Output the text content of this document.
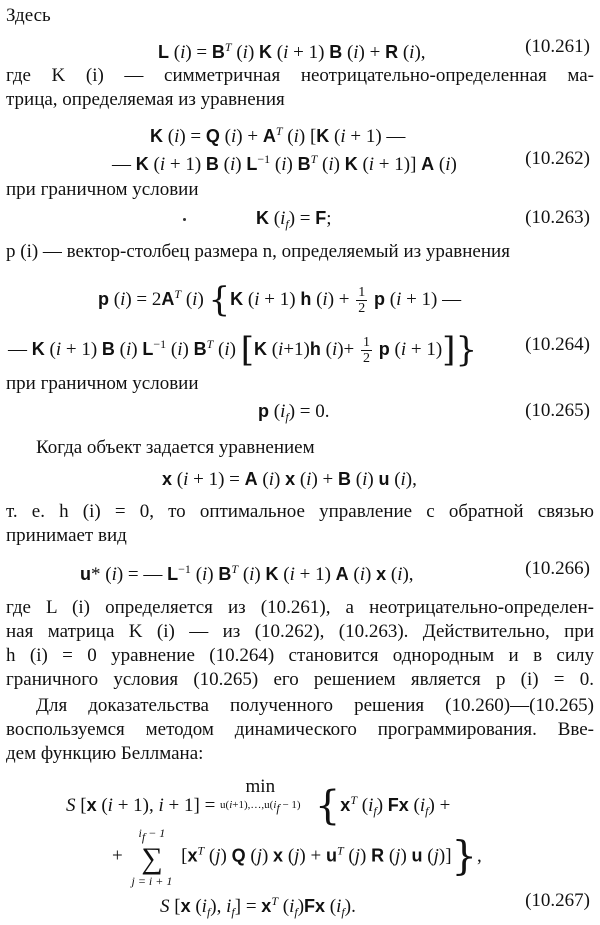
Здесь
L $(i) = B^T$ (i) K (i + 1) B (i) + R (i),	(10.261)
где K (i) — симметричная неотрицательно-определенная ма-
трица, определяемая из уравнения
K (i) = Q $(i) + A^T$ (i) [K (i + 1) —
— K (i + 1) B (i) $L^{-1}$ (i) $B^T$ (i) K (i + 1)] A (i)	(10.262)
при граничном условии
K $(i_f) = F$;	(10.263)
p (i) — вектор-столбец размера n, определяемый из уравнения
p $(i) = 2A^T$ (i) {K (i + 1) h $(i) + \frac{1}{2}$ p (i + 1) —
— K (i + 1) B (i) $L^{-1}$ (i) $B^T$ (i) [K (i+1)h $(i)+ \frac{1}{2}$ p (i + 1)]}	(10.264)
при граничном условии
p $(i_f) = 0$.	(10.265)
Когда объект задается уравнением
x (i + 1) = A (i) x (i) + B (i) u (i),
т. е. h (i) = 0, то оптимальное управление с обратной связью
принимает вид
u* (i) = — $L^{-1}$ (i) $B^T$ (i) K (i + 1) A (i) x (i),	(10.266)
где L (i) определяется из (10.261), а неотрицательно-определен-
ная матрица K (i) — из (10.262), (10.263). Действительно, при
h (i) = 0 уравнение (10.264) становится однородным и в силу
граничного условия (10.265) его решением является p (i) = 0.
Для доказательства полученного решения (10.260)—(10.265)
воспользуемся методом динамического программирования. Вве-
дем функцию Беллмана:
S [x (i + 1), i + 1] = min
$u(i+1),\dots,u(i_f - 1)$ {$x^T$ $(i_f)$ Fx $(i_f)$ +
+
$i_f - 1$
∑
j = i + 1
[$x^T$ (j) Q (j) x $(j) + u^T$ (j) R (j) u (j)]},
S [x $(i_f)$, $i_f] = x^T$ $(i_f)Fx$ $(i_f)$.	(10.267)
